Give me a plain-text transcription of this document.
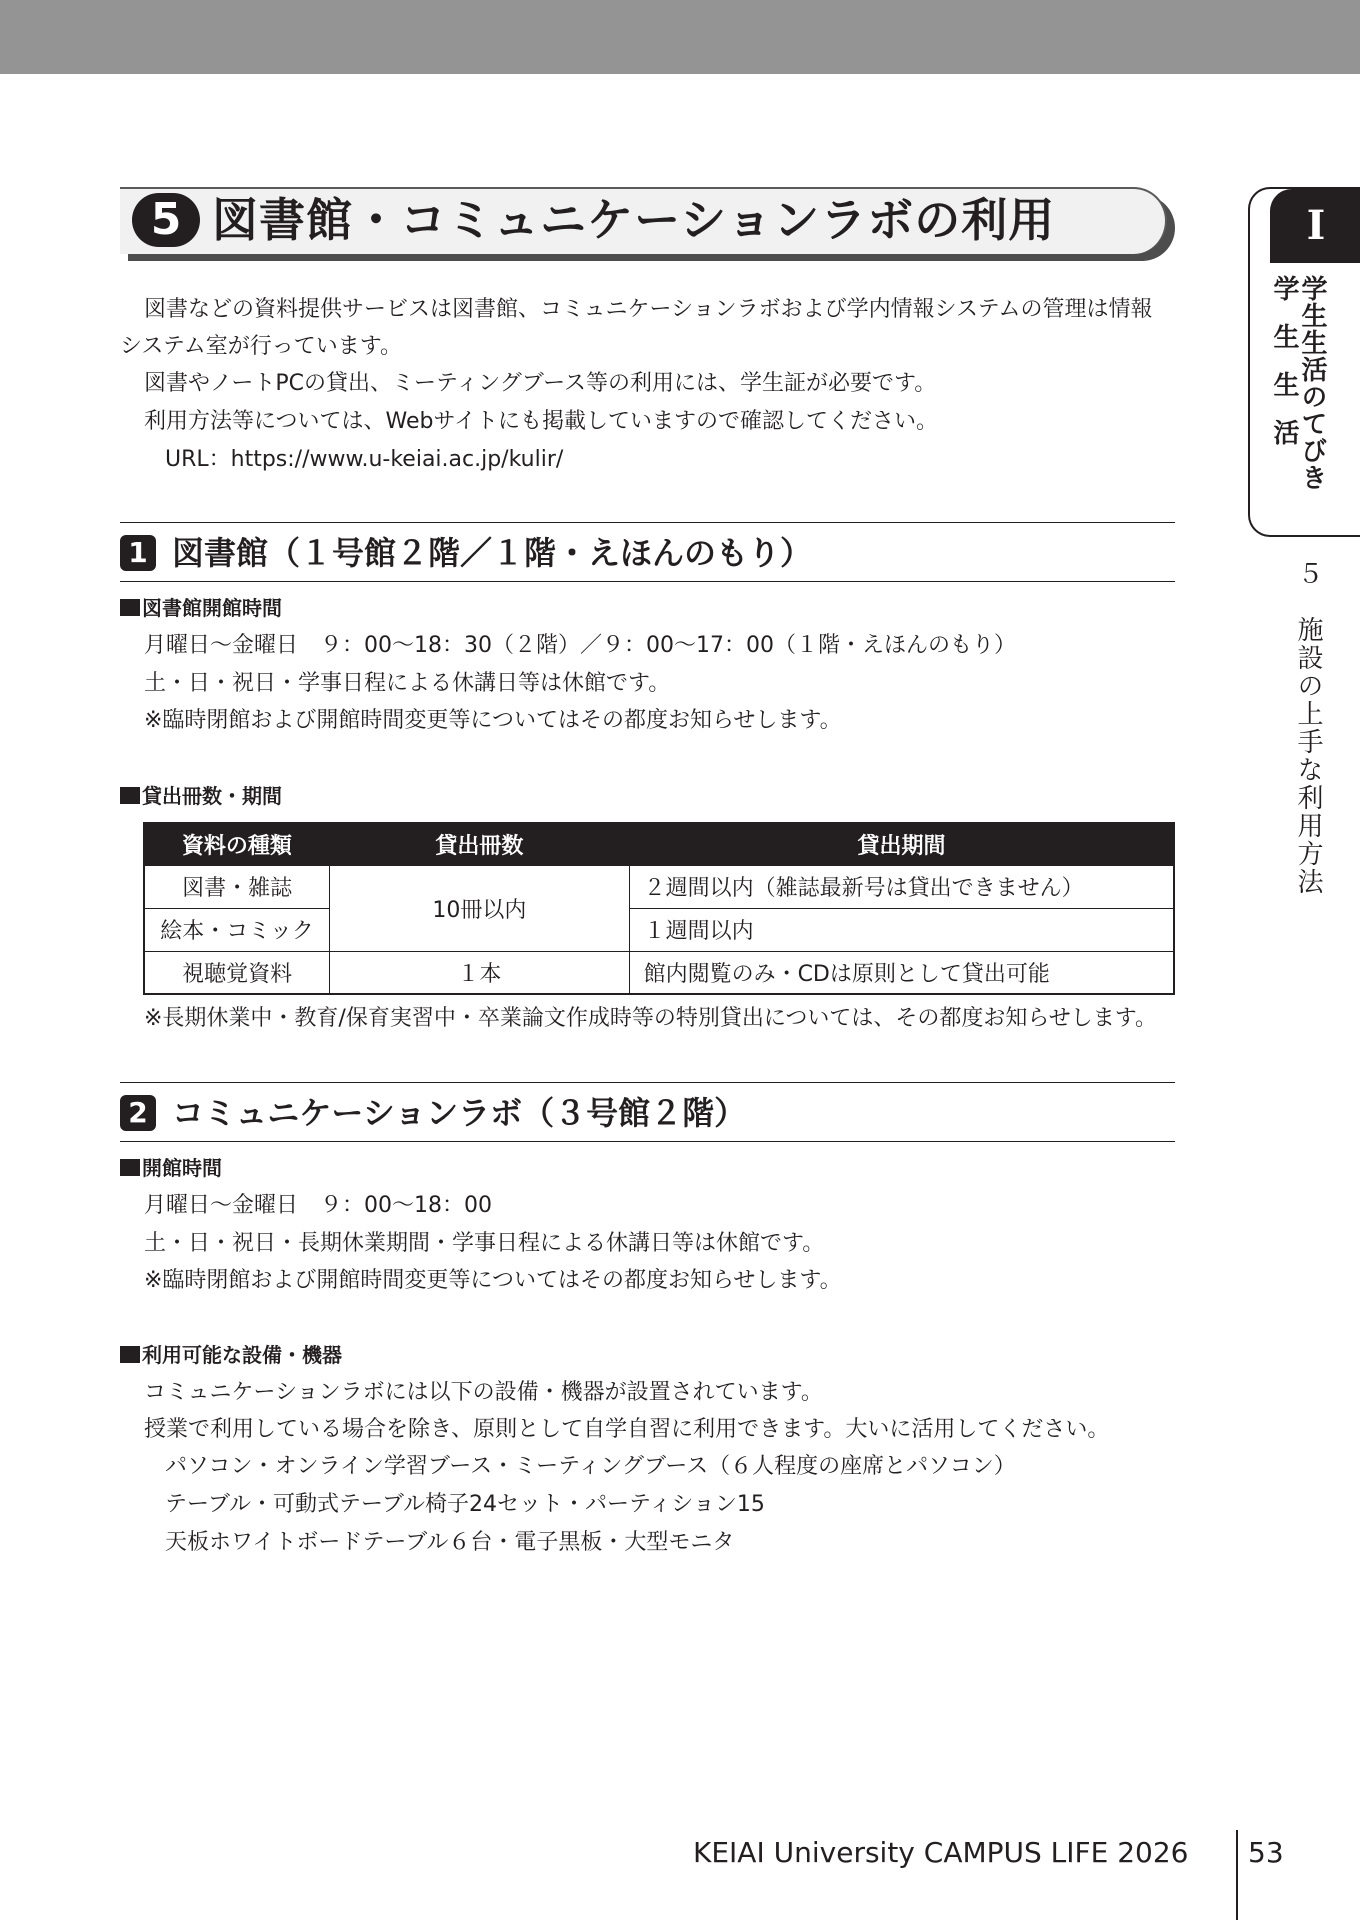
5 図書館・コミュニケーションラボの利用
図書などの資料提供サービスは図書館、コミュニケーションラボおよび学内情報システムの管理は情報
システム室が行っています。
図書やノートPCの貸出、ミーティングブース等の利用には、学生証が必要です。
利用方法等については、Webサイトにも掲載していますので確認してください。
URL：https://www.u-keiai.ac.jp/kulir/
1 図書館（１号館２階／１階・えほんのもり）
図書館開館時間
月曜日〜金曜日　９：00〜18：30（２階）／９：00〜17：00（１階・えほんのもり）
土・日・祝日・学事日程による休講日等は休館です。
※臨時閉館および開館時間変更等についてはその都度お知らせします。
貸出冊数・期間
資料の種類	貸出冊数	貸出期間
図書・雑誌	10冊以内	２週間以内（雑誌最新号は貸出できません）
絵本・コミック		１週間以内
視聴覚資料	１本	館内閲覧のみ・CDは原則として貸出可能
※長期休業中・教育/保育実習中・卒業論文作成時等の特別貸出については、その都度お知らせします。
2 コミュニケーションラボ（３号館２階）
開館時間
月曜日〜金曜日　９：00〜18：00
土・日・祝日・長期休業期間・学事日程による休講日等は休館です。
※臨時閉館および開館時間変更等についてはその都度お知らせします。
利用可能な設備・機器
コミュニケーションラボには以下の設備・機器が設置されています。
授業で利用している場合を除き、原則として自学自習に利用できます。大いに活用してください。
パソコン・オンライン学習ブース・ミーティングブース（６人程度の座席とパソコン）
テーブル・可動式テーブル椅子24セット・パーティション15
天板ホワイトボードテーブル６台・電子黒板・大型モニタ
I
学生生活
学生生活のてびき
５　施設の上手な利用方法
KEIAI University CAMPUS LIFE 2026 53
